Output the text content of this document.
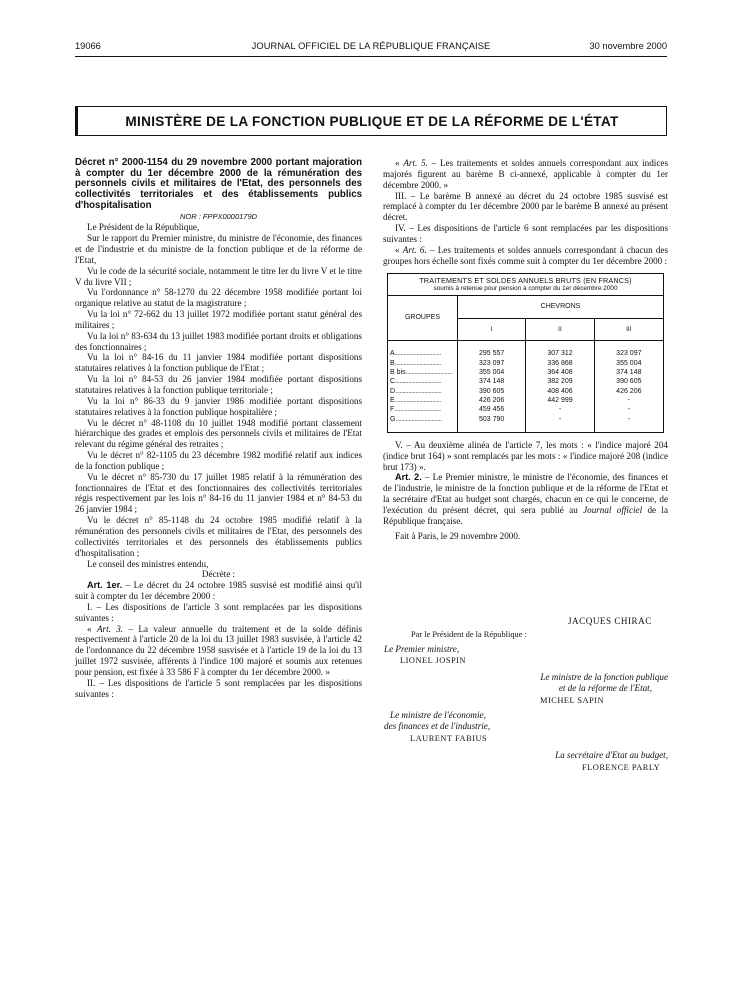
19066	JOURNAL OFFICIEL DE LA RÉPUBLIQUE FRANÇAISE	30 novembre 2000
MINISTÈRE DE LA FONCTION PUBLIQUE ET DE LA RÉFORME DE L'ÉTAT

Décret n° 2000-1154 du 29 novembre 2000 portant majoration à compter du 1er décembre 2000 de la rémunération des personnels civils et militaires de l'Etat, des personnels des collectivités territoriales et des établissements publics d'hospitalisation

NOR : FPPX0000179D

Le Président de la République,

Sur le rapport du Premier ministre, du ministre de l'économie, des finances et de l'industrie et du ministre de la fonction publique et de la réforme de l'Etat,

Vu le code de la sécurité sociale, notamment le titre Ier du livre V et le titre V du livre VII ;

Vu l'ordonnance n° 58-1270 du 22 décembre 1958 modifiée portant loi organique relative au statut de la magistrature ;

Vu la loi n° 72-662 du 13 juillet 1972 modifiée portant statut général des militaires ;

Vu la loi n° 83-634 du 13 juillet 1983 modifiée portant droits et obligations des fonctionnaires ;

Vu la loi n° 84-16 du 11 janvier 1984 modifiée portant dispositions statutaires relatives à la fonction publique de l'Etat ;

Vu la loi n° 84-53 du 26 janvier 1984 modifiée portant dispositions statutaires relatives à la fonction publique territoriale ;

Vu la loi n° 86-33 du 9 janvier 1986 modifiée portant dispositions statutaires relatives à la fonction publique hospitalière ;

Vu le décret n° 48-1108 du 10 juillet 1948 modifié portant classement hiérarchique des grades et emplois des personnels civils et militaires de l'Etat relevant du régime général des retraites ;

Vu le décret n° 82-1105 du 23 décembre 1982 modifié relatif aux indices de la fonction publique ;

Vu le décret n° 85-730 du 17 juillet 1985 relatif à la rémunération des fonctionnaires de l'Etat et des fonctionnaires des collectivités territoriales régis respectivement par les lois n° 84-16 du 11 janvier 1984 et n° 84-53 du 26 janvier 1984 ;

Vu le décret n° 85-1148 du 24 octobre 1985 modifié relatif à la rémunération des personnels civils et militaires de l'Etat, des personnels des collectivités territoriales et des personnels des établissements publics d'hospitalisation ;

Le conseil des ministres entendu,

Décrète :

Art. 1er. – Le décret du 24 octobre 1985 susvisé est modifié ainsi qu'il suit à compter du 1er décembre 2000 :

I. – Les dispositions de l'article 3 sont remplacées par les dispositions suivantes :

« Art. 3. – La valeur annuelle du traitement et de la solde définis respectivement à l'article 20 de la loi du 13 juillet 1983 susvisée, à l'article 42 de l'ordonnance du 22 décembre 1958 susvisée et à l'article 19 de la loi du 13 juillet 1972 susvisée, afférents à l'indice 100 majoré et soumis aux retenues pour pension, est fixée à 33 586 F à compter du 1er décembre 2000. »

II. – Les dispositions de l'article 5 sont remplacées par les dispositions suivantes :

« Art. 5. – Les traitements et soldes annuels correspondant aux indices majorés figurent au barème B ci-annexé, applicable à compter du 1er décembre 2000. »

III. – Le barème B annexé au décret du 24 octobre 1985 susvisé est remplacé à compter du 1er décembre 2000 par le barème B annexé au présent décret.

IV. – Les dispositions de l'article 6 sont remplacées par les dispositions suivantes :

« Art. 6. – Les traitements et soldes annuels correspondant à chacun des groupes hors échelle sont fixés comme suit à compter du 1er décembre 2000 :

TRAITEMENTS ET SOLDES ANNUELS BRUTS (EN FRANCS)
soumis à retenue pour pension à compter du 1er décembre 2000
GROUPES
CHEVRONS
I	II	III
A................................	295 557	307 312	323 097
B................................	323 097	336 868	355 004
B bis................................	355 004	364 408	374 148
C................................	374 148	382 209	390 605
D................................	390 605	408 406	426 206
E................................	426 206	442 999	-
F................................	459 456	-	-
G................................	503 790	-	-

V. – Au deuxième alinéa de l'article 7, les mots : « l'indice majoré 204 (indice brut 164) » sont remplacés par les mots : « l'indice majoré 208 (indice brut 173) ».

Art. 2. – Le Premier ministre, le ministre de l'économie, des finances et de l'industrie, le ministre de la fonction publique et de la réforme de l'Etat et la secrétaire d'Etat au budget sont chargés, chacun en ce qui le concerne, de l'exécution du présent décret, qui sera publié au Journal officiel de la République française.

Fait à Paris, le 29 novembre 2000.

JACQUES CHIRAC
Par le Président de la République :
Le Premier ministre,
LIONEL JOSPIN
Le ministre de la fonction publique
et de la réforme de l'Etat,
MICHEL SAPIN
Le ministre de l'économie,
des finances et de l'industrie,
LAURENT FABIUS
La secrétaire d'Etat au budget,
FLORENCE PARLY
